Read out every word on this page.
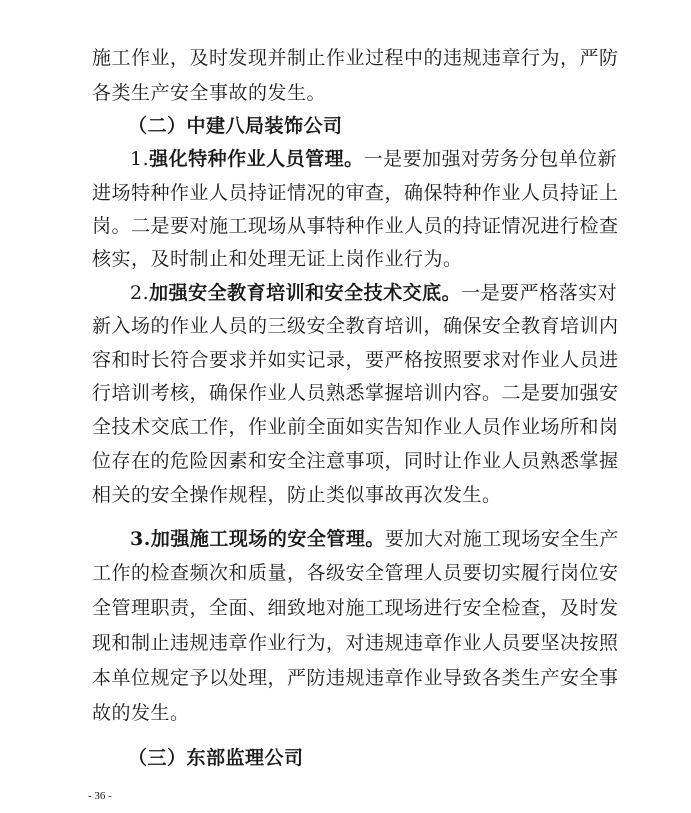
施工作业，及时发现并制止作业过程中的违规违章行为，严防
各类生产安全事故的发生。
（二）中建八局装饰公司
1.强化特种作业人员管理。一是要加强对劳务分包单位新
进场特种作业人员持证情况的审查，确保特种作业人员持证上
岗。二是要对施工现场从事特种作业人员的持证情况进行检查
核实，及时制止和处理无证上岗作业行为。
2.加强安全教育培训和安全技术交底。一是要严格落实对
新入场的作业人员的三级安全教育培训，确保安全教育培训内
容和时长符合要求并如实记录，要严格按照要求对作业人员进
行培训考核，确保作业人员熟悉掌握培训内容。二是要加强安
全技术交底工作，作业前全面如实告知作业人员作业场所和岗
位存在的危险因素和安全注意事项，同时让作业人员熟悉掌握
相关的安全操作规程，防止类似事故再次发生。
3.加强施工现场的安全管理。要加大对施工现场安全生产
工作的检查频次和质量，各级安全管理人员要切实履行岗位安
全管理职责，全面、细致地对施工现场进行安全检查，及时发
现和制止违规违章作业行为，对违规违章作业人员要坚决按照
本单位规定予以处理，严防违规违章作业导致各类生产安全事
故的发生。
（三）东部监理公司
- 36 -
